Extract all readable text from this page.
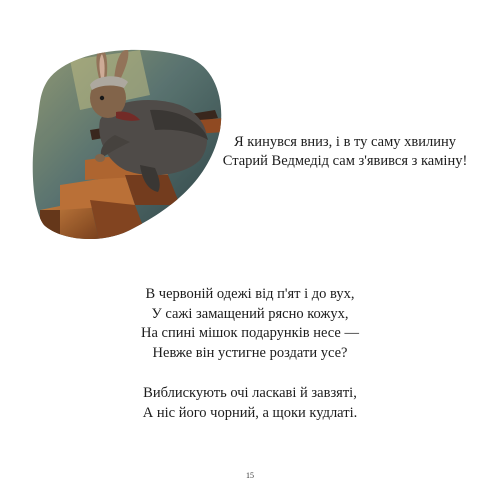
Я кинувся вниз, і в ту саму хвилину
Старий Ведмедід сам з'явився з каміну!
В червоній одежі від п'ят і до вух,
У сажі замащений рясно кожух,
На спині мішок подарунків несе —
Невже він устигне роздати усе?
Виблискують очі ласкаві й завзяті,
А ніс його чорний, а щоки кудлаті.
15
